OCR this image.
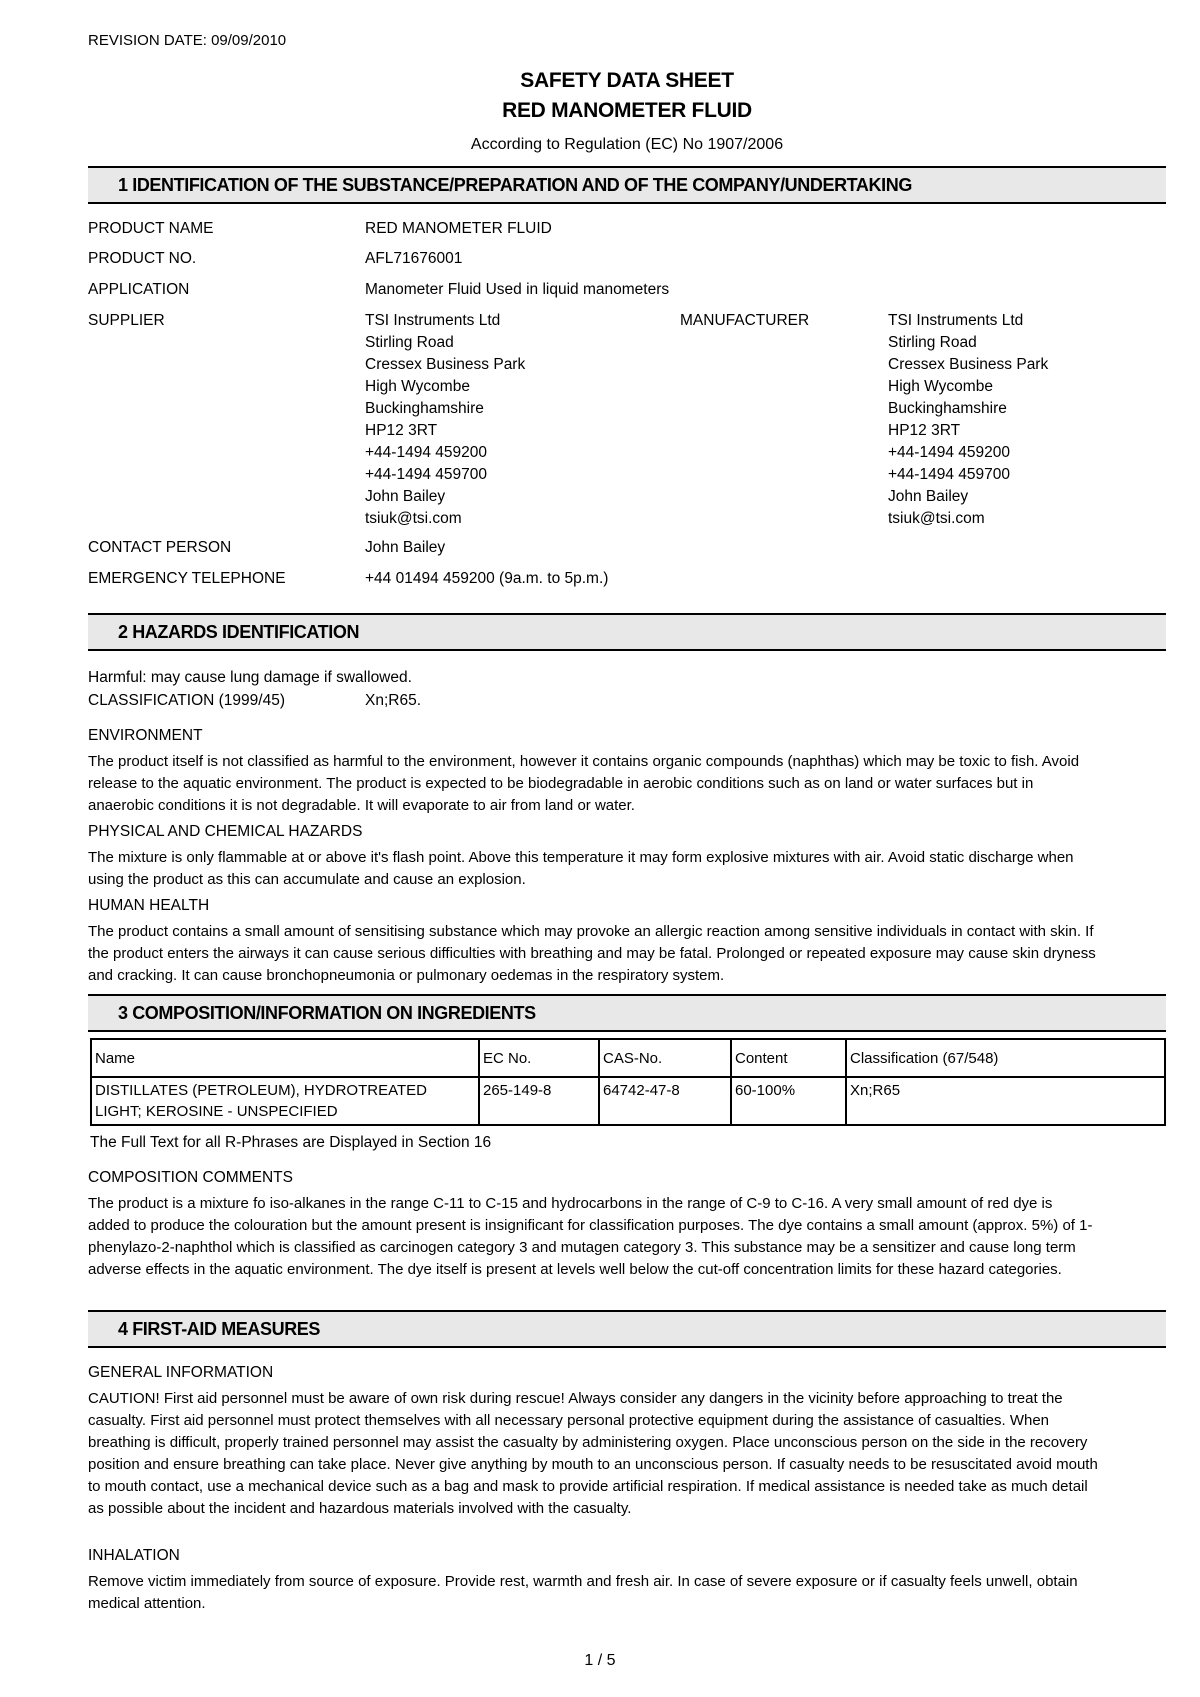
REVISION DATE: 09/09/2010
SAFETY DATA SHEET
RED MANOMETER FLUID
According to Regulation (EC) No 1907/2006
1 IDENTIFICATION OF THE SUBSTANCE/PREPARATION AND OF THE COMPANY/UNDERTAKING
PRODUCT NAME	RED MANOMETER FLUID
PRODUCT NO.	AFL71676001
APPLICATION	Manometer Fluid Used in liquid manometers
SUPPLIER	TSI Instruments Ltd
Stirling Road
Cressex Business Park
High Wycombe
Buckinghamshire
HP12 3RT
+44-1494 459200
+44-1494 459700
John Bailey
tsiuk@tsi.com
MANUFACTURER	TSI Instruments Ltd
Stirling Road
Cressex Business Park
High Wycombe
Buckinghamshire
HP12 3RT
+44-1494 459200
+44-1494 459700
John Bailey
tsiuk@tsi.com
CONTACT PERSON	John Bailey
EMERGENCY TELEPHONE	+44 01494 459200 (9a.m. to 5p.m.)
2 HAZARDS IDENTIFICATION
Harmful: may cause lung damage if swallowed.
CLASSIFICATION (1999/45)	Xn;R65.
ENVIRONMENT
The product itself is not classified as harmful to the environment, however it contains organic compounds (naphthas) which may be toxic to fish. Avoid release to the aquatic environment. The product is expected to be biodegradable in aerobic conditions such as on land or water surfaces but in anaerobic conditions it is not degradable. It will evaporate to air from land or water.
PHYSICAL AND CHEMICAL HAZARDS
The mixture is only flammable at or above it's flash point. Above this temperature it may form explosive mixtures with air. Avoid static discharge when using the product as this can accumulate and cause an explosion.
HUMAN HEALTH
The product contains a small amount of sensitising substance which may provoke an allergic reaction among sensitive individuals in contact with skin. If the product enters the airways it can cause serious difficulties with breathing and may be fatal. Prolonged or repeated exposure may cause skin dryness and cracking. It can cause bronchopneumonia or pulmonary oedemas in the respiratory system.
3 COMPOSITION/INFORMATION ON INGREDIENTS
Name	EC No.	CAS-No.	Content	Classification (67/548)
DISTILLATES (PETROLEUM), HYDROTREATED LIGHT; KEROSINE - UNSPECIFIED	265-149-8	64742-47-8	60-100%	Xn;R65
The Full Text for all R-Phrases are Displayed in Section 16
COMPOSITION COMMENTS
The product is a mixture fo iso-alkanes in the range C-11 to C-15 and hydrocarbons in the range of C-9 to C-16. A very small amount of red dye is added to produce the colouration but the amount present is insignificant for classification purposes. The dye contains a small amount (approx. 5%) of 1-phenylazo-2-naphthol which is classified as carcinogen category 3 and mutagen category 3. This substance may be a sensitizer and cause long term adverse effects in the aquatic environment. The dye itself is present at levels well below the cut-off concentration limits for these hazard categories.
4 FIRST-AID MEASURES
GENERAL INFORMATION
CAUTION! First aid personnel must be aware of own risk during rescue! Always consider any dangers in the vicinity before approaching to treat the casualty. First aid personnel must protect themselves with all necessary personal protective equipment during the assistance of casualties. When breathing is difficult, properly trained personnel may assist the casualty by administering oxygen. Place unconscious person on the side in the recovery position and ensure breathing can take place. Never give anything by mouth to an unconscious person. If casualty needs to be resuscitated avoid mouth to mouth contact, use a mechanical device such as a bag and mask to provide artificial respiration. If medical assistance is needed take as much detail as possible about the incident and hazardous materials involved with the casualty.
INHALATION
Remove victim immediately from source of exposure. Provide rest, warmth and fresh air. In case of severe exposure or if casualty feels unwell, obtain medical attention.
1 / 5
